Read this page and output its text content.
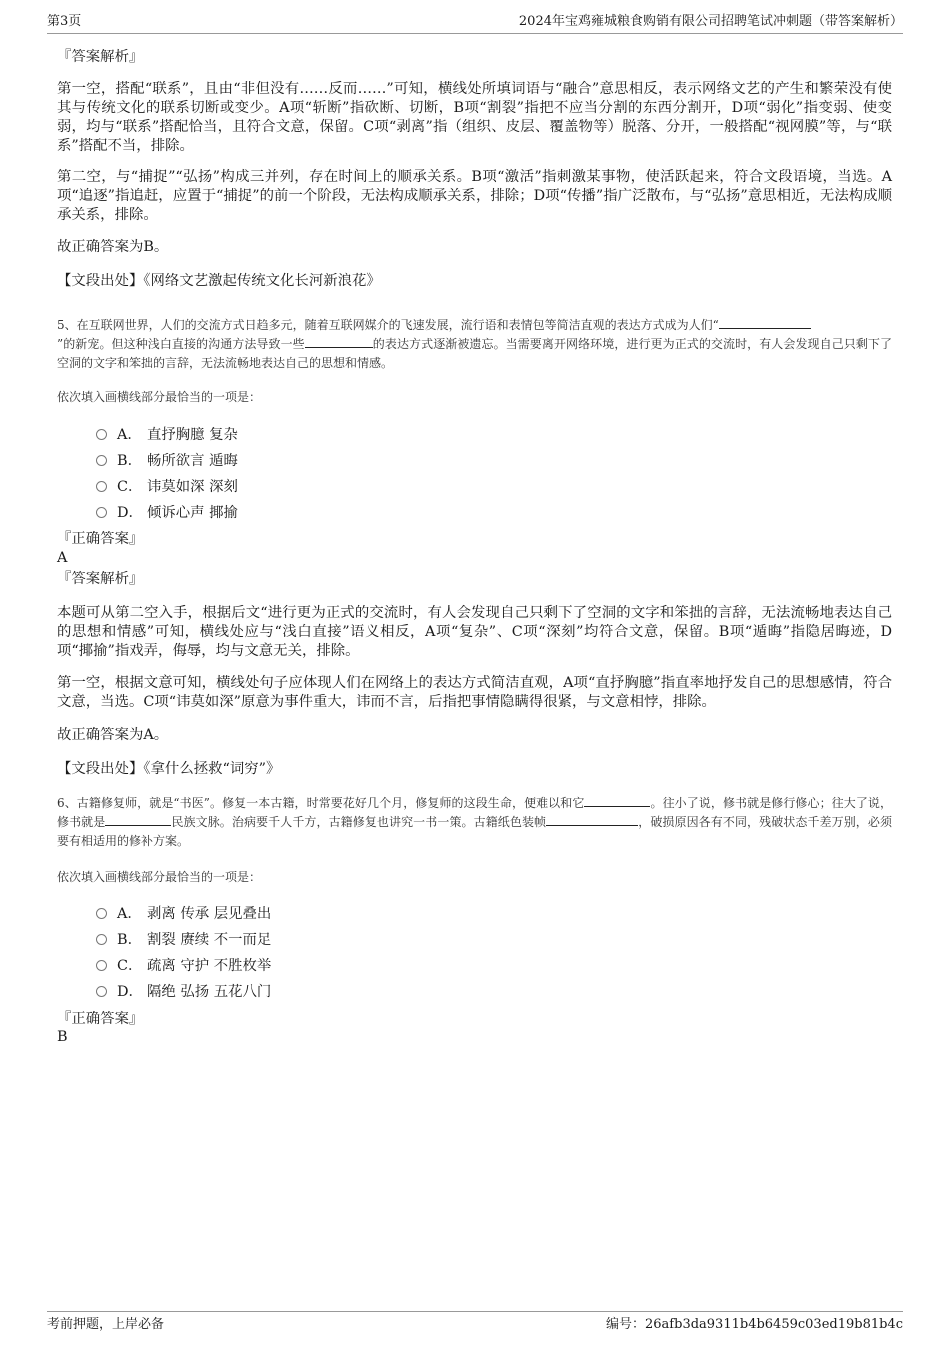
第3页	2024年宝鸡雍城粮食购销有限公司招聘笔试冲刺题（带答案解析）

『答案解析』

第一空，搭配“联系”，且由“非但没有……反而……”可知，横线处所填词语与“融合”意思相反，表示网络文艺的产生和繁荣没有使其与传统文化的联系切断或变少。A项“斩断”指砍断、切断，B项“割裂”指把不应当分割的东西分割开，D项“弱化”指变弱、使变弱，均与“联系”搭配恰当，且符合文意，保留。C项“剥离”指（组织、皮层、覆盖物等）脱落、分开，一般搭配“视网膜”等，与“联系”搭配不当，排除。

第二空，与“捕捉”“弘扬”构成三并列，存在时间上的顺承关系。B项“激活”指刺激某事物，使活跃起来，符合文段语境，当选。A项“追逐”指追赶，应置于“捕捉”的前一个阶段，无法构成顺承关系，排除；D项“传播”指广泛散布，与“弘扬”意思相近，无法构成顺承关系，排除。

故正确答案为B。

【文段出处】《网络文艺激起传统文化长河新浪花》

5、在互联网世界，人们的交流方式日趋多元，随着互联网媒介的飞速发展，流行语和表情包等简洁直观的表达方式成为人们“
”的新宠。但这种浅白直接的沟通方法导致一些	的表达方式逐渐被遗忘。当需要离开网络环境，进行更为正式的交流时，有人会发现自己只剩下了空洞的文字和笨拙的言辞，无法流畅地表达自己的思想和情感。

依次填入画横线部分最恰当的一项是：

A． 直抒胸臆 复杂
B． 畅所欲言 遁晦
C． 讳莫如深 深刻
D． 倾诉心声 揶揄

『正确答案』

A

『答案解析』

本题可从第二空入手，根据后文“进行更为正式的交流时，有人会发现自己只剩下了空洞的文字和笨拙的言辞，无法流畅地表达自己的思想和情感”可知，横线处应与“浅白直接”语义相反，A项“复杂”、C项“深刻”均符合文意，保留。B项“遁晦”指隐居晦迹，D项“揶揄”指戏弄，侮辱，均与文意无关，排除。

第一空，根据文意可知，横线处句子应体现人们在网络上的表达方式简洁直观，A项“直抒胸臆”指直率地抒发自己的思想感情，符合文意，当选。C项“讳莫如深”原意为事件重大，讳而不言，后指把事情隐瞒得很紧，与文意相悖，排除。

故正确答案为A。

【文段出处】《拿什么拯救“词穷”》

6、古籍修复师，就是“书医”。修复一本古籍，时常要花好几个月，修复师的这段生命，便难以和它	。往小了说，修书就是修行修心；往大了说，修书就是	民族文脉。治病要千人千方，古籍修复也讲究一书一策。古籍纸色装帧	，破损原因各有不同，残破状态千差万别，必须要有相适用的修补方案。

依次填入画横线部分最恰当的一项是：

A． 剥离 传承 层见叠出
B． 割裂 赓续 不一而足
C． 疏离 守护 不胜枚举
D． 隔绝 弘扬 五花八门

『正确答案』

B

考前押题，上岸必备	编号：26afb3da9311b4b6459c03ed19b81b4c
